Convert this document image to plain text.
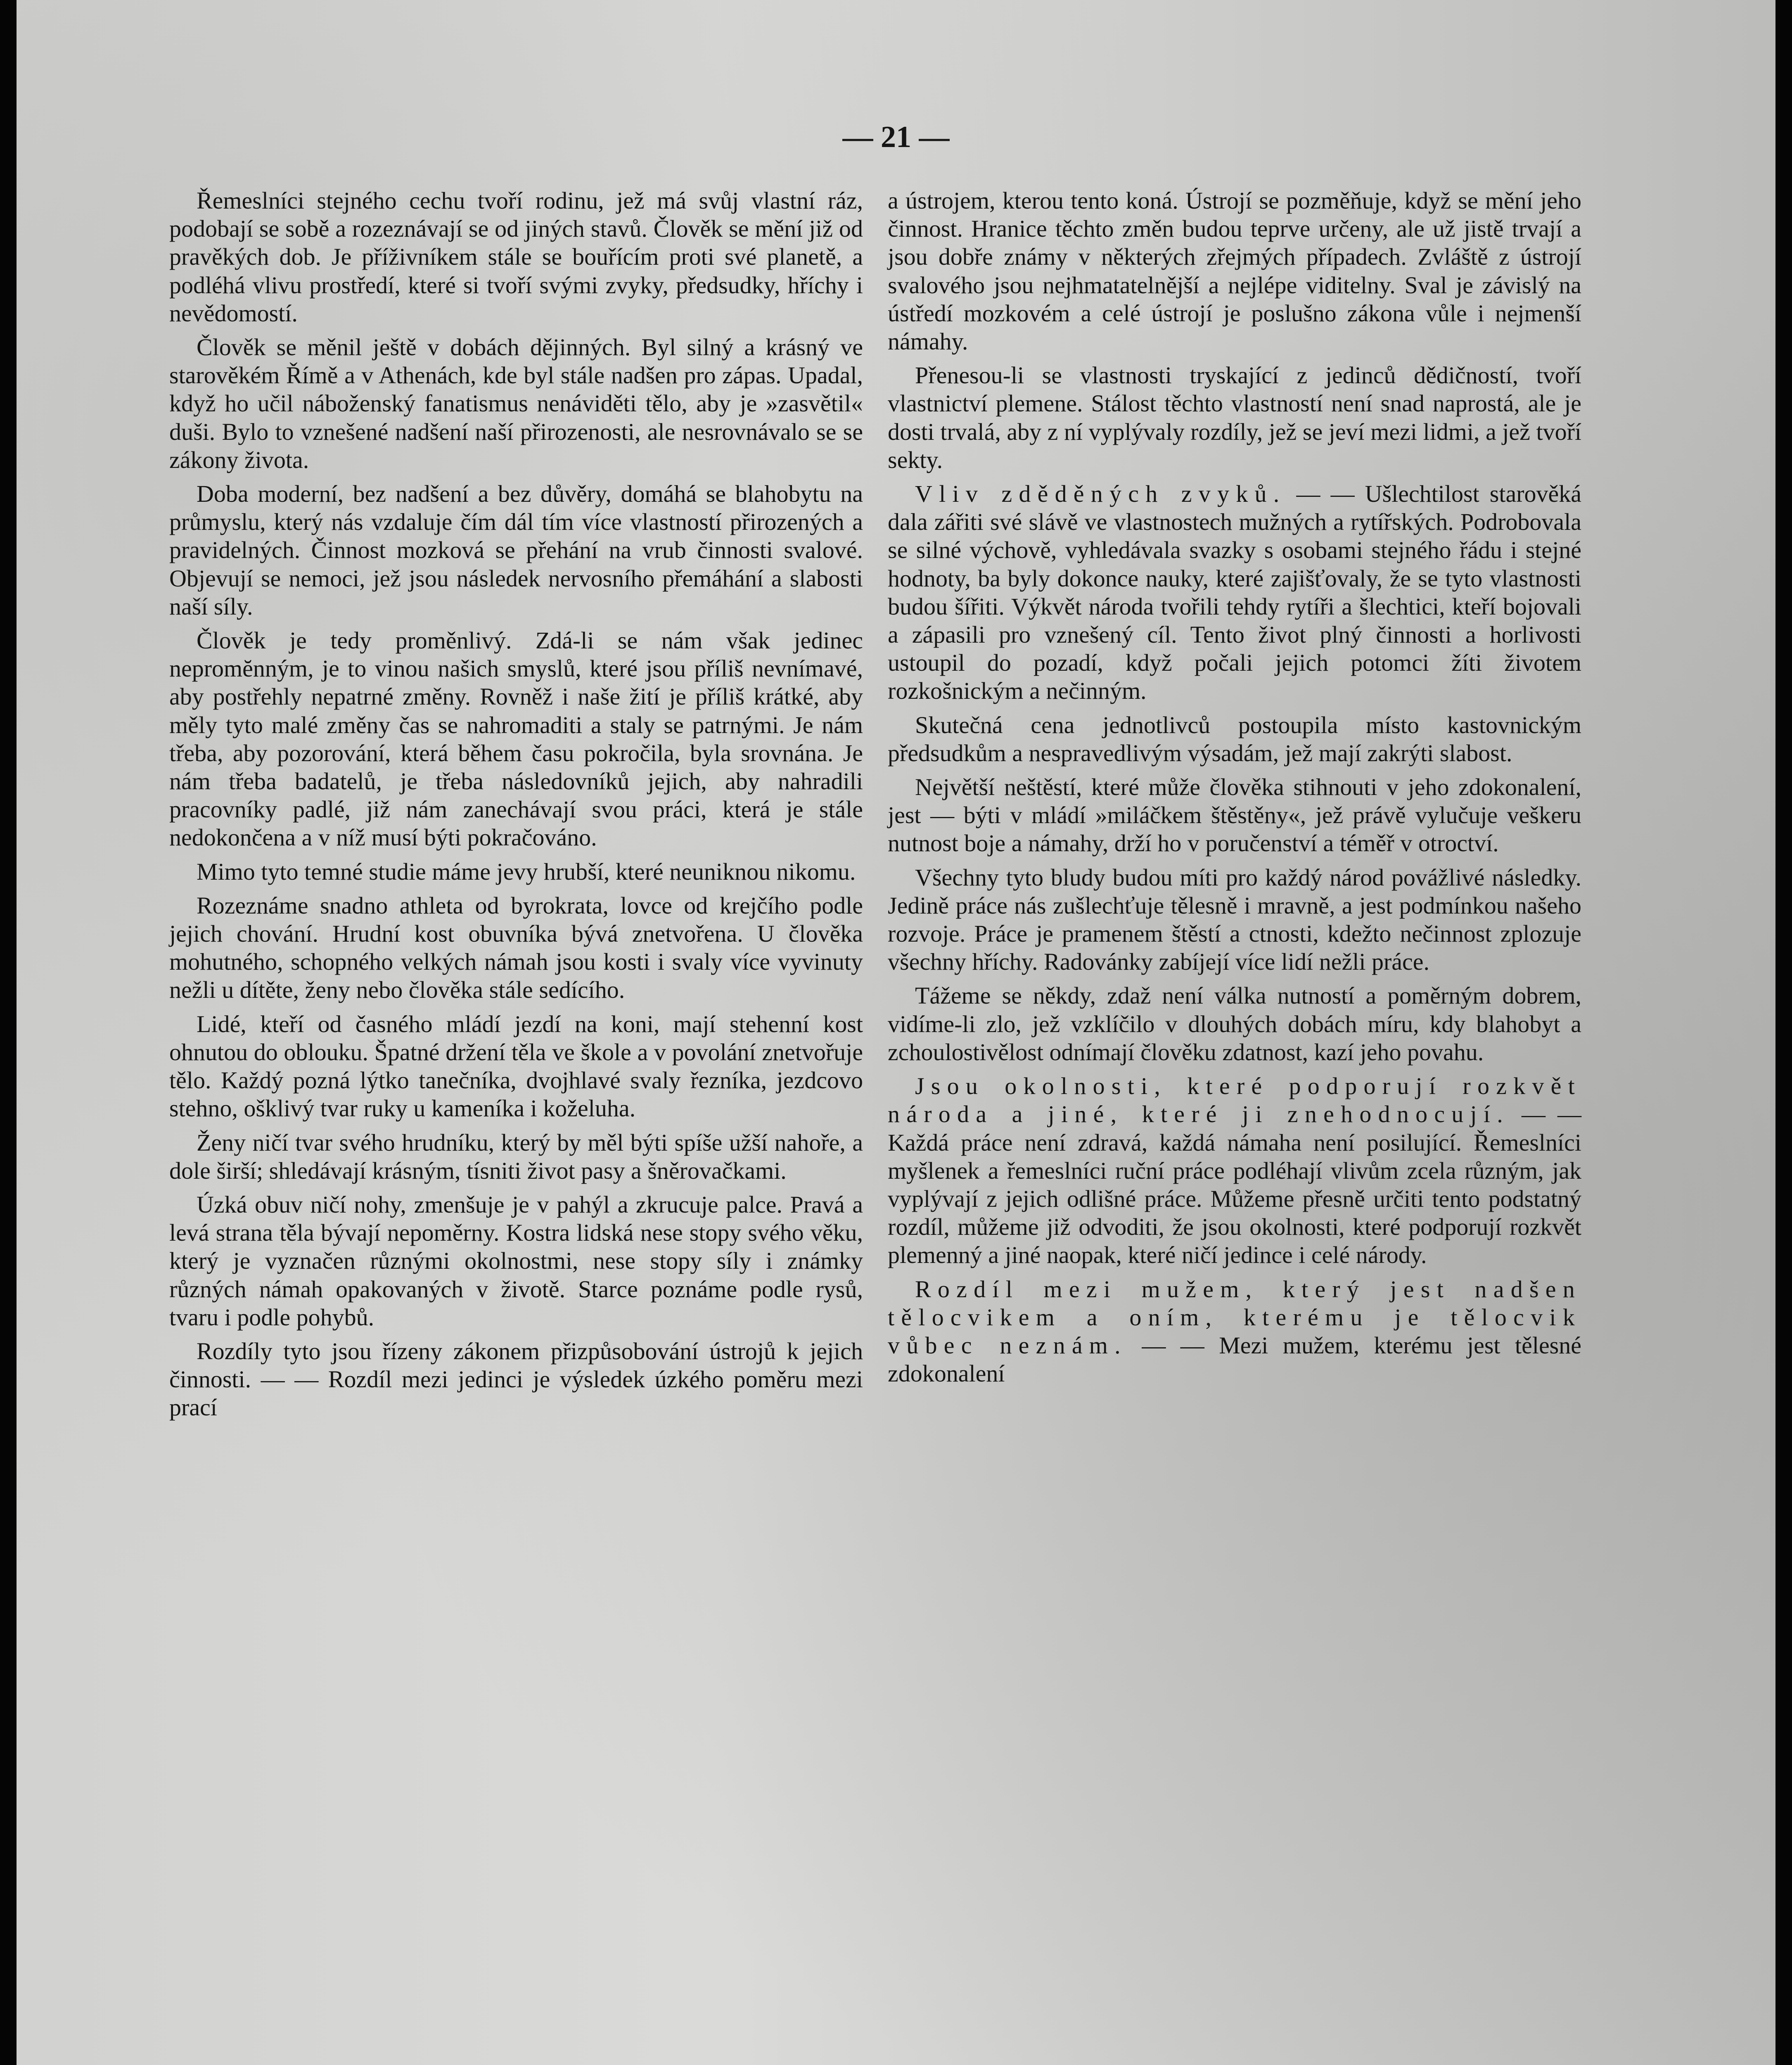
— 21 —

Řemeslníci stejného cechu tvoří rodinu, jež má svůj vlastní ráz, podobají se sobě a rozeznávají se od jiných stavů. Člověk se mění již od pravěkých dob. Je příživníkem stále se bouřícím proti své planetě, a podléhá vlivu prostředí, které si tvoří svými zvyky, předsudky, hříchy i nevědomostí.

Člověk se měnil ještě v dobách dějinných. Byl silný a krásný ve starověkém Římě a v Athenách, kde byl stále nadšen pro zápas. Upadal, když ho učil náboženský fanatismus nenáviděti tělo, aby je »zasvětil« duši. Bylo to vznešené nadšení naší přirozenosti, ale nesrovnávalo se se zákony života.

Doba moderní, bez nadšení a bez důvěry, domáhá se blahobytu na průmyslu, který nás vzdaluje čím dál tím více vlastností přirozených a pravidelných. Činnost mozková se přehání na vrub činnosti svalové. Objevují se nemoci, jež jsou následek nervosního přemáhání a slabosti naší síly.

Člověk je tedy proměnlivý. Zdá-li se nám však jedinec nepromĕnným, je to vinou našich smyslů, které jsou příliš nevnímavé, aby postřehly nepatrné změny. Rovněž i naše žití je příliš krátké, aby měly tyto malé změny čas se nahromaditi a staly se patrnými. Je nám třeba, aby pozorování, která během času pokročila, byla srovnána. Je nám třeba badatelů, je třeba následovníků jejich, aby nahradili pracovníky padlé, již nám zanechávají svou práci, která je stále nedokončena a v níž musí býti pokračováno.

Mimo tyto temné studie máme jevy hrubší, které neuniknou nikomu.

Rozeznáme snadno athleta od byrokrata, lovce od krejčího podle jejich chování. Hrudní kost obuvníka bývá znetvořena. U člověka mohutného, schopného velkých námah jsou kosti i svaly více vyvinuty nežli u dítěte, ženy nebo člověka stále sedícího.

Lidé, kteří od časného mládí jezdí na koni, mají stehenní kost ohnutou do oblouku. Špatné držení těla ve škole a v povolání znetvořuje tělo. Každý pozná lýtko tanečníka, dvojhlavé svaly řezníka, jezdcovo stehno, ošklivý tvar ruky u kameníka i koželuha.

Ženy ničí tvar svého hrudníku, který by měl býti spíše užší nahoře, a dole širší; shledávají krásným, tísniti život pasy a šněrovačkami.

Úzká obuv ničí nohy, zmenšuje je v pahýl a zkrucuje palce. Pravá a levá strana těla bývají nepoměrny. Kostra lidská nese stopy svého věku, který je vyznačen různými okolnostmi, nese stopy síly i známky různých námah opakovaných v životě. Starce poznáme podle rysů, tvaru i podle pohybů.

Rozdíly tyto jsou řízeny zákonem přizpůsobování ústrojů k jejich činnosti. — — Rozdíl mezi jedinci je výsledek úzkého poměru mezi prací

a ústrojem, kterou tento koná. Ústrojí se pozměňuje, když se mění jeho činnost. Hranice těchto změn budou teprve určeny, ale už jistě trvají a jsou dobře známy v některých zřejmých případech. Zvláště z ústrojí svalového jsou nejhmatatelnější a nejlépe viditelny. Sval je závislý na ústředí mozkovém a celé ústrojí je poslušno zákona vůle i nejmenší námahy.

Přenesou-li se vlastnosti tryskající z jedinců dědičností, tvoří vlastnictví plemene. Stálost těchto vlastností není snad naprostá, ale je dosti trvalá, aby z ní vyplývaly rozdíly, jež se jeví mezi lidmi, a jež tvoří sekty.

Vliv zděděných zvyků. — — Ušlechtilost starověká dala zářiti své slávě ve vlastnostech mužných a rytířských. Podrobovala se silné výchově, vyhledávala svazky s osobami stejného řádu i stejné hodnoty, ba byly dokonce nauky, které zajišťovaly, že se tyto vlastnosti budou šířiti. Výkvět národa tvořili tehdy rytíři a šlechtici, kteří bojovali a zápasili pro vznešený cíl. Tento život plný činnosti a horlivosti ustoupil do pozadí, když počali jejich potomci žíti životem rozkošnickým a nečinným.

Skutečná cena jednotlivců postoupila místo kastovnickým předsudkům a nespravedlivým výsadám, jež mají zakrýti slabost.

Největší neštěstí, které může člověka stihnouti v jeho zdokonalení, jest — býti v mládí »miláčkem štěstěny«, jež právě vylučuje veškeru nutnost boje a námahy, drží ho v poručenství a téměř v otroctví.

Všechny tyto bludy budou míti pro každý národ povážlivé následky. Jedině práce nás zušlechťuje tělesně i mravně, a jest podmínkou našeho rozvoje. Práce je pramenem štěstí a ctnosti, kdežto nečinnost zplozuje všechny hříchy. Radovánky zabíjejí více lidí nežli práce.

Tážeme se někdy, zdaž není válka nutností a poměrným dobrem, vidíme-li zlo, jež vzklíčilo v dlouhých dobách míru, kdy blahobyt a zchoulostivělost odnímají člověku zdatnost, kazí jeho povahu.

Jsou okolnosti, které podporují rozkvět národa a jiné, které ji znehodnocují. — — Každá práce není zdravá, každá námaha není posilující. Řemeslníci myšlenek a řemeslníci ruční práce podléhají vlivům zcela různým, jak vyplývají z jejich odlišné práce. Můžeme přesně určiti tento podstatný rozdíl, můžeme již odvoditi, že jsou okolnosti, které podporují rozkvět plemenný a jiné naopak, které ničí jedince i celé národy.

Rozdíl mezi mužem, který jest nadšen tělocvikem a oním, kterému je tělocvik vůbec neznám. — — Mezi mužem, kterému jest tělesné zdokonalení
